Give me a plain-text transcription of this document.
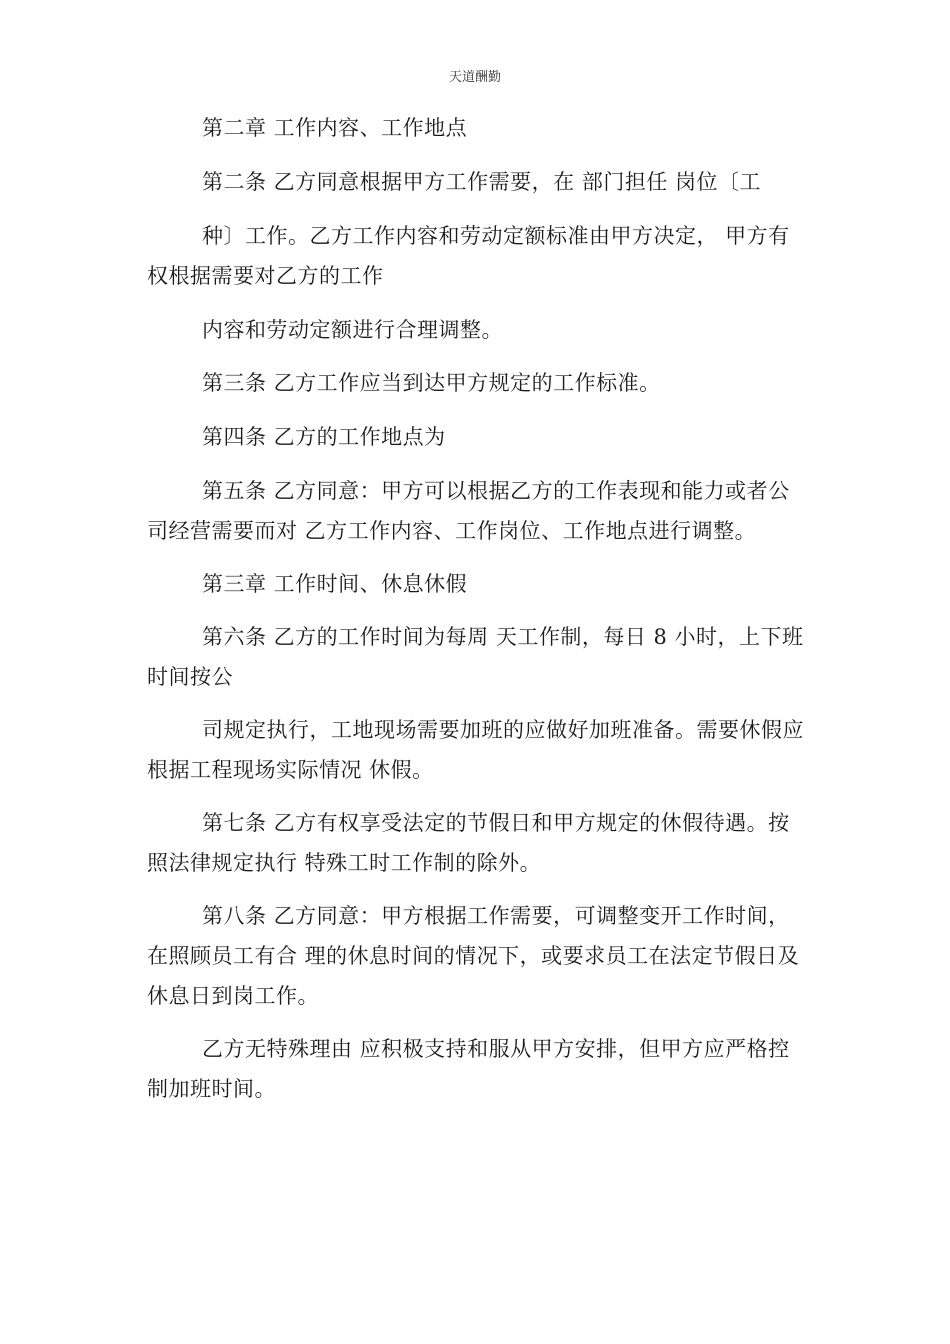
天道酬勤
第二章 工作内容、工作地点
第二条 乙方同意根据甲方工作需要，在 部门担任 岗位〔工
种〕工作。乙方工作内容和劳动定额标准由甲方决定， 甲方有
权根据需要对乙方的工作
内容和劳动定额进行合理调整。
第三条 乙方工作应当到达甲方规定的工作标准。
第四条 乙方的工作地点为
第五条 乙方同意：甲方可以根据乙方的工作表现和能力或者公
司经营需要而对 乙方工作内容、工作岗位、工作地点进行调整。
第三章 工作时间、休息休假
第六条 乙方的工作时间为每周 天工作制，每日 8 小时，上下班
时间按公
司规定执行，工地现场需要加班的应做好加班准备。需要休假应
根据工程现场实际情况 休假。
第七条 乙方有权享受法定的节假日和甲方规定的休假待遇。按
照法律规定执行 特殊工时工作制的除外。
第八条 乙方同意：甲方根据工作需要，可调整变开工作时间，
在照顾员工有合 理的休息时间的情况下，或要求员工在法定节假日及
休息日到岗工作。
乙方无特殊理由 应积极支持和服从甲方安排，但甲方应严格控
制加班时间。
